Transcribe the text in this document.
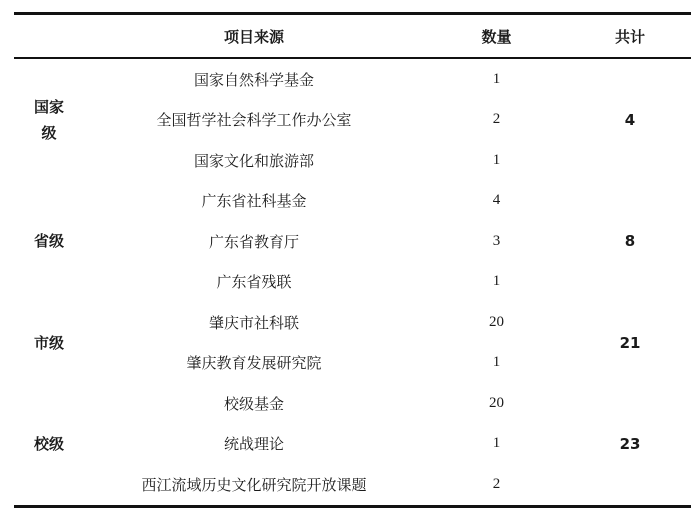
	项目来源	数量	共计
国家级	国家自然科学基金	1	4
	全国哲学社会科学工作办公室	2	
	国家文化和旅游部	1	
省级	广东省社科基金	4	8
	广东省教育厅	3	
	广东省残联	1	
市级	肇庆市社科联	20	21
	肇庆教育发展研究院	1	
校级	校级基金	20	23
	统战理论	1	
	西江流域历史文化研究院开放课题	2	
